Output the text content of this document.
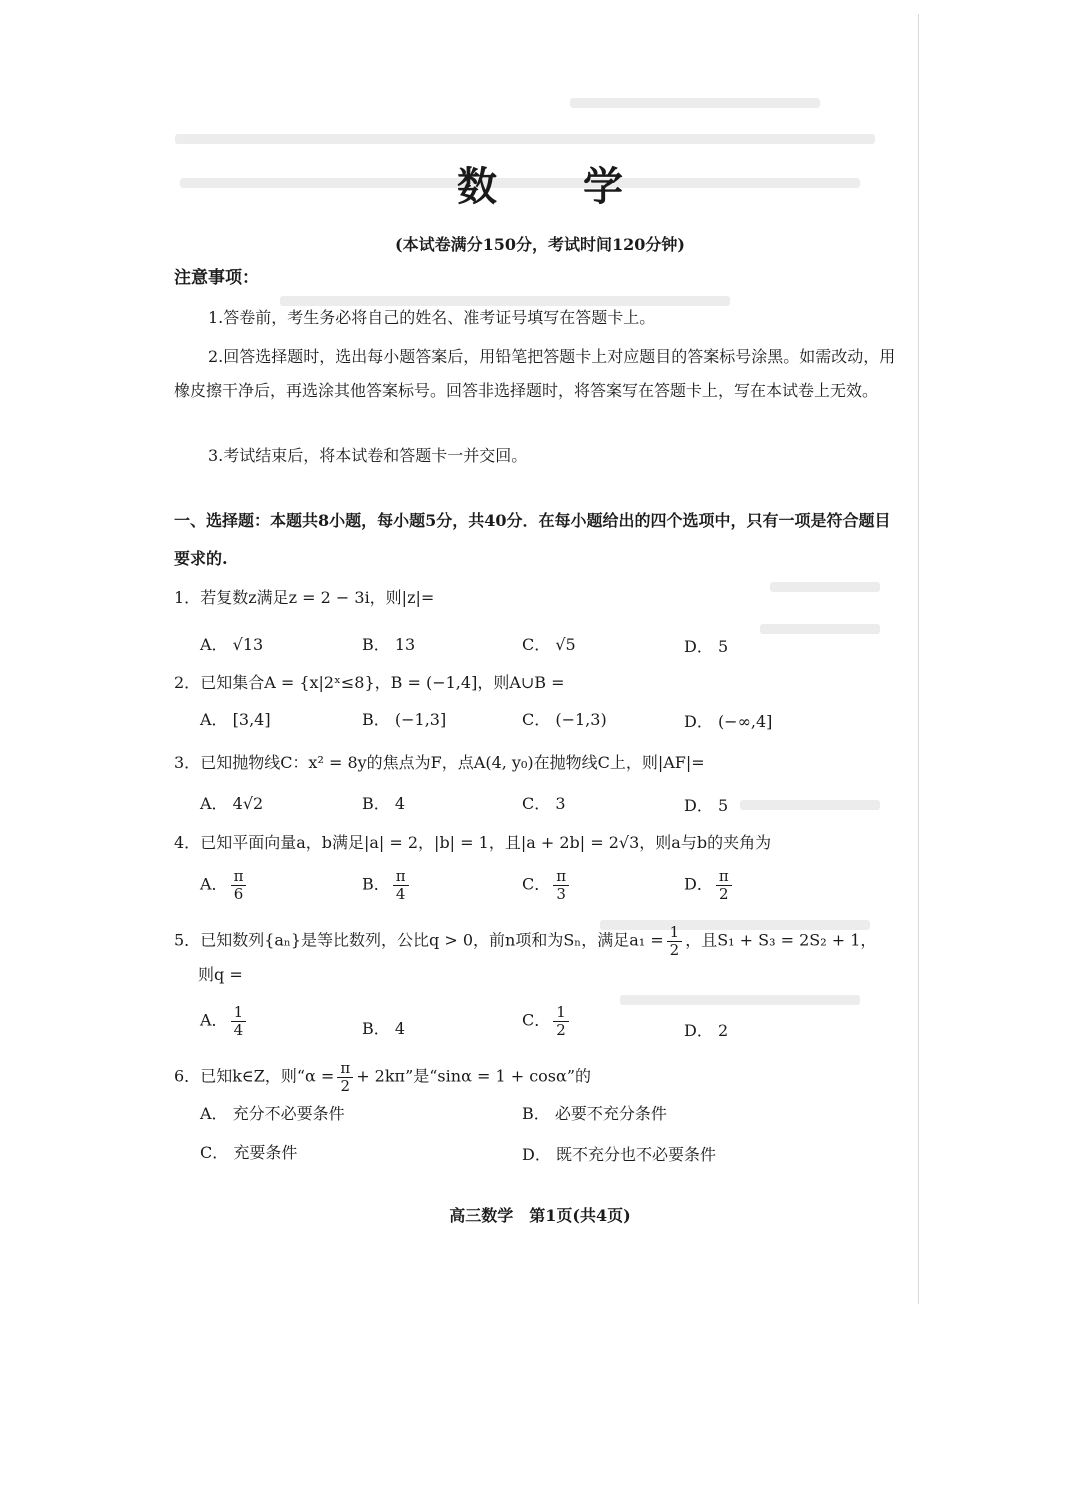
数 学
(本试卷满分150分，考试时间120分钟)
注意事项：
1.答卷前，考生务必将自己的姓名、准考证号填写在答题卡上。
2.回答选择题时，选出每小题答案后，用铅笔把答题卡上对应题目的答案标号涂黑。如需改动，用橡皮擦干净后，再选涂其他答案标号。回答非选择题时，将答案写在答题卡上，写在本试卷上无效。
3.考试结束后，将本试卷和答题卡一并交回。
一、选择题：本题共8小题，每小题5分，共40分．在每小题给出的四个选项中，只有一项是符合题目要求的.
1．若复数z满足z = 2 − 3i，则|z|=
A． √13	B． 13	C． √5	D． 5
2．已知集合A = {x|2ˣ≤8}，B = (−1,4]，则A∪B =
A． [3,4]	B． (−1,3]	C． (−1,3)	D． (−∞,4]
3．已知抛物线C：x² = 8y的焦点为F，点A(4, y₀)在抛物线C上，则|AF|=
A． 4√2	B． 4	C． 3	D． 5
4．已知平面向量a，b满足|a| = 2，|b| = 1，且|a + 2b| = 2√3，则a与b的夹角为
A． $\frac{\pi}{6}$	B． $\frac{\pi}{4}$	C． $\frac{\pi}{3}$	D． $\frac{\pi}{2}$
5．已知数列{aₙ}是等比数列，公比q > 0，前n项和为Sₙ，满足$a_1 = \frac{1}{2}$ ，且S₁ + S₃ = 2S₂ + 1，
则q =
A． $\frac{1}{4}$	B． 4	C． $\frac{1}{2}$	D． 2
6．已知k∈Z，则“$\alpha = \frac{\pi}{2} + 2k\pi$”是“sinα = 1 + cosα”的
A． 充分不必要条件	B． 必要不充分条件
C． 充要条件	D． 既不充分也不必要条件
高三数学　第1页(共4页)
